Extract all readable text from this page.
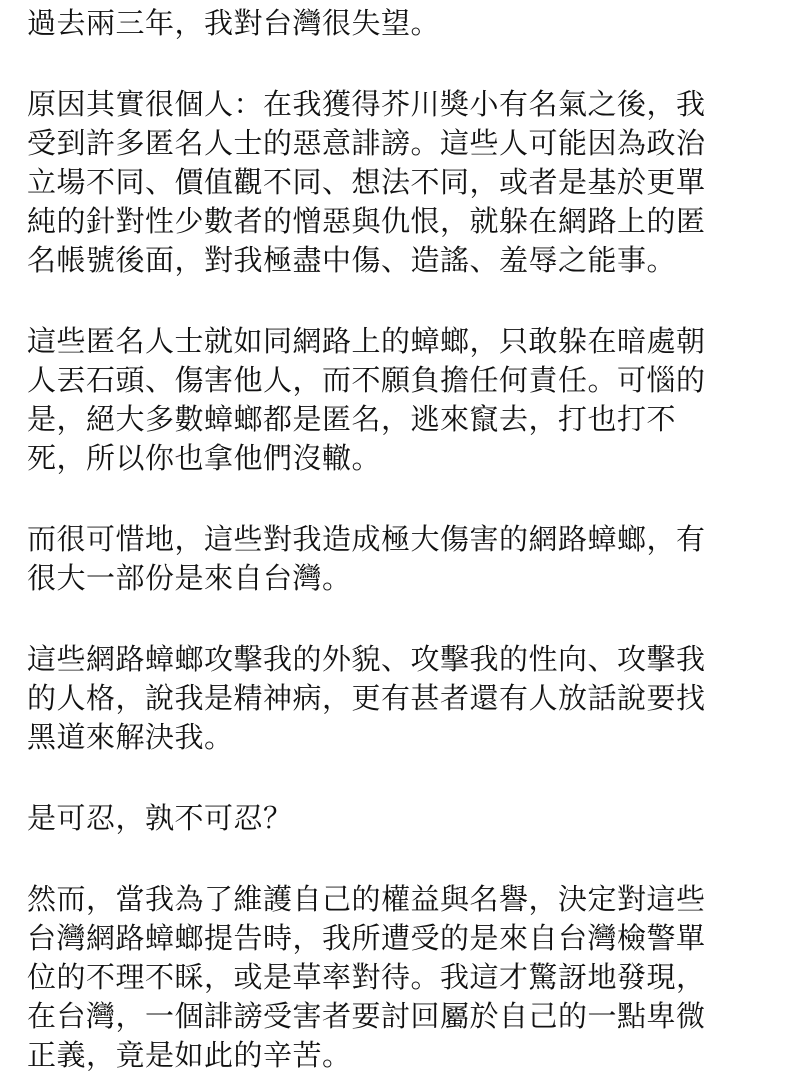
過去兩三年，我對台灣很失望。
原因其實很個人：在我獲得芥川獎小有名氣之後，我
受到許多匿名人士的惡意誹謗。這些人可能因為政治
立場不同、價值觀不同、想法不同，或者是基於更單
純的針對性少數者的憎惡與仇恨，就躲在網路上的匿
名帳號後面，對我極盡中傷、造謠、羞辱之能事。
這些匿名人士就如同網路上的蟑螂，只敢躲在暗處朝
人丟石頭、傷害他人，而不願負擔任何責任。可惱的
是，絕大多數蟑螂都是匿名，逃來竄去，打也打不
死，所以你也拿他們沒轍。
而很可惜地，這些對我造成極大傷害的網路蟑螂，有
很大一部份是來自台灣。
這些網路蟑螂攻擊我的外貌、攻擊我的性向、攻擊我
的人格，說我是精神病，更有甚者還有人放話說要找
黑道來解決我。
是可忍，孰不可忍？
然而，當我為了維護自己的權益與名譽，決定對這些
台灣網路蟑螂提告時，我所遭受的是來自台灣檢警單
位的不理不睬，或是草率對待。我這才驚訝地發現，
在台灣，一個誹謗受害者要討回屬於自己的一點卑微
正義，竟是如此的辛苦。
